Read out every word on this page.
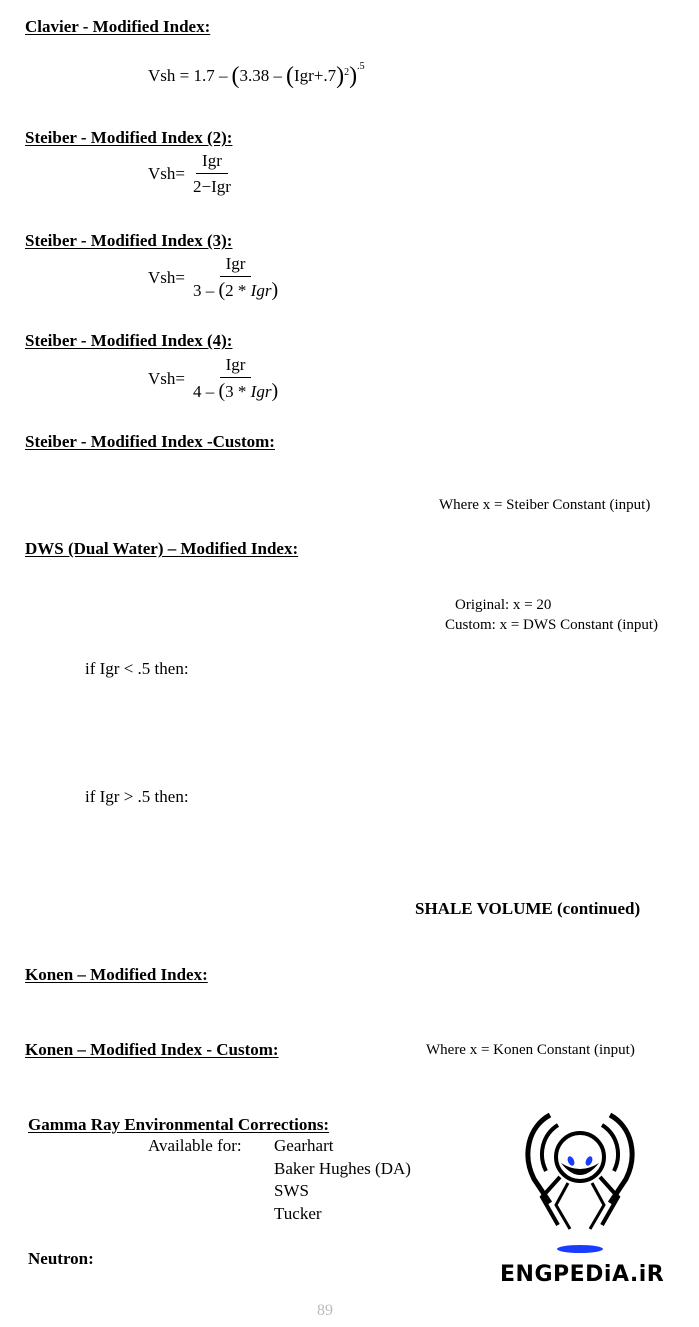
Clavier - Modified Index:
Vsh = 1.7 – ( 3.38 – ( Igr+.7 )$^2$ )$^{.5}$
Steiber - Modified Index (2):
$Vsh= \frac{\text{Igr}}{\text{2−Igr}}$
Steiber - Modified Index (3):
$Vsh= \frac{\text{Igr}}{\text{3 – (2 * Igr)}}$
Steiber - Modified Index (4):
$Vsh= \frac{\text{Igr}}{\text{4 – (3 * Igr)}}$
Steiber - Modified Index -Custom:
Where x = Steiber Constant (input)
DWS (Dual Water) – Modified Index:
Original: x = 20
Custom: x = DWS Constant (input)
if Igr < .5 then:
if Igr > .5 then:
SHALE VOLUME (continued)
Konen – Modified Index:
Konen – Modified Index - Custom:	Where x = Konen Constant (input)
Gamma Ray Environmental Corrections:
Available for: Gearhart
Baker Hughes (DA)
SWS
Tucker
Neutron:
ENGPEDiA.iR
89
